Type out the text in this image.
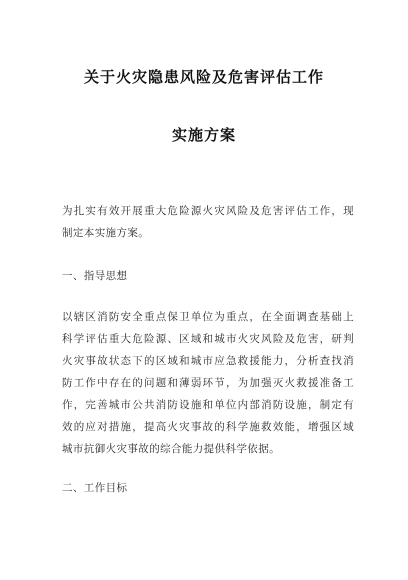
关于火灾隐患风险及危害评估工作
实施方案

为扎实有效开展重大危险源火灾风险及危害评估工作，现
制定本实施方案。

一、指导思想

以辖区消防安全重点保卫单位为重点，在全面调查基础上
科学评估重大危险源、区域和城市火灾风险及危害，研判
火灾事故状态下的区域和城市应急救援能力，分析查找消
防工作中存在的问题和薄弱环节，为加强灭火救援准备工
作，完善城市公共消防设施和单位内部消防设施，制定有
效的应对措施，提高火灾事故的科学施救效能，增强区域
城市抗御火灾事故的综合能力提供科学依据。

二、工作目标
